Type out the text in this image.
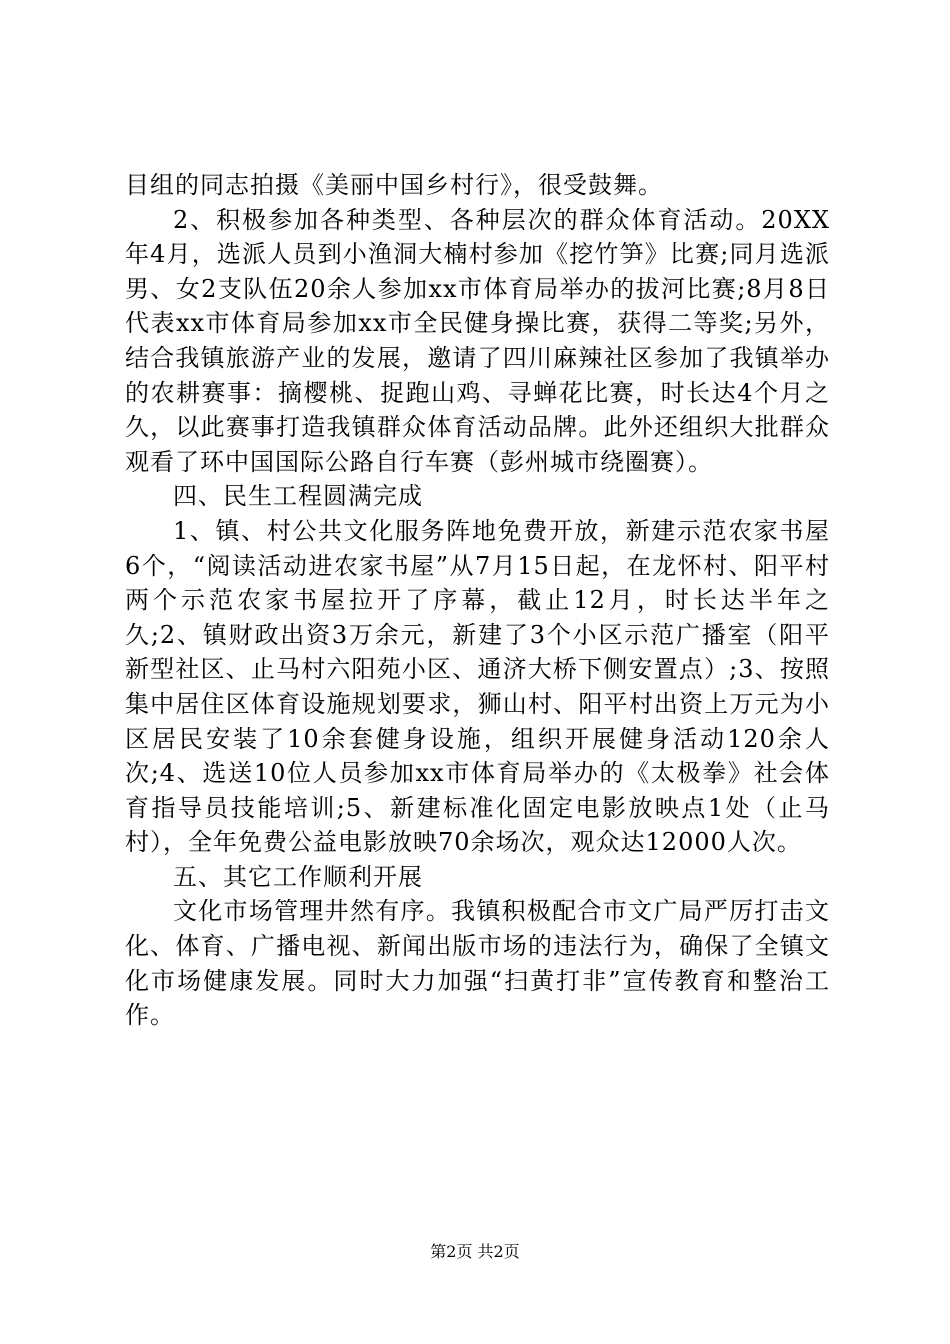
目组的同志拍摄《美丽中国乡村行》，很受鼓舞。

2、积极参加各种类型、各种层次的群众体育活动。20XX年4月，选派人员到小渔洞大楠村参加《挖竹笋》比赛;同月选派男、女2支队伍20余人参加xx市体育局举办的拔河比赛;8月8日代表xx市体育局参加xx市全民健身操比赛，获得二等奖;另外，结合我镇旅游产业的发展，邀请了四川麻辣社区参加了我镇举办的农耕赛事：摘樱桃、捉跑山鸡、寻蝉花比赛，时长达4个月之久，以此赛事打造我镇群众体育活动品牌。此外还组织大批群众观看了环中国国际公路自行车赛（彭州城市绕圈赛）。

四、民生工程圆满完成

1、镇、村公共文化服务阵地免费开放，新建示范农家书屋6个，“阅读活动进农家书屋”从7月15日起，在龙怀村、阳平村两个示范农家书屋拉开了序幕，截止12月，时长达半年之久;2、镇财政出资3万余元，新建了3个小区示范广播室（阳平新型社区、止马村六阳苑小区、通济大桥下侧安置点）;3、按照集中居住区体育设施规划要求，狮山村、阳平村出资上万元为小区居民安装了10余套健身设施，组织开展健身活动120余人次;4、选送10位人员参加xx市体育局举办的《太极拳》社会体育指导员技能培训;5、新建标准化固定电影放映点1处（止马村），全年免费公益电影放映70余场次，观众达12000人次。

五、其它工作顺利开展

文化市场管理井然有序。我镇积极配合市文广局严厉打击文化、体育、广播电视、新闻出版市场的违法行为，确保了全镇文化市场健康发展。同时大力加强“扫黄打非”宣传教育和整治工作。

第2页 共2页
